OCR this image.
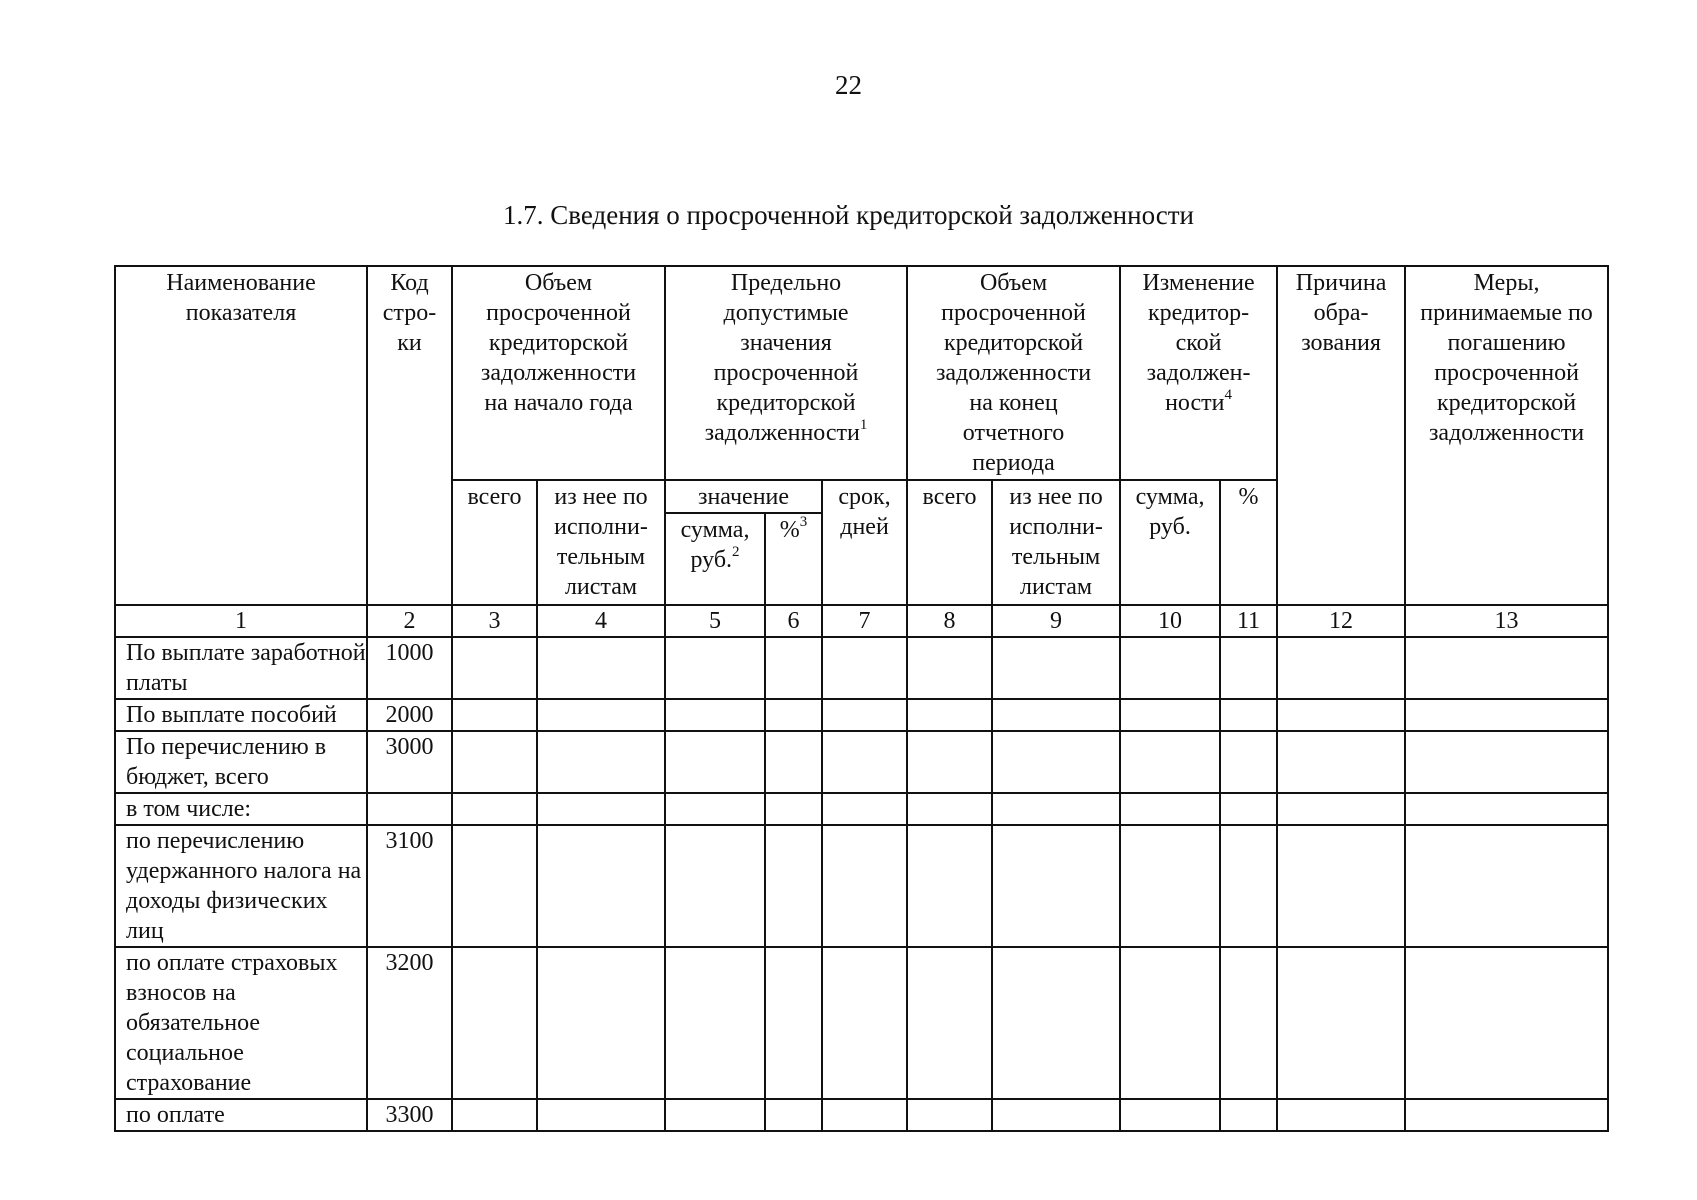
22
1.7. Сведения о просроченной кредиторской задолженности
Наименование показателя	Код стро-ки	Объем просроченной кредиторской задолженности на начало года		Предельно допустимые значения просроченной кредиторской задолженности$^1$			Объем просроченной кредиторской задолженности на конец отчетного периода		Изменение кредитор-ской задолжен-ности$^4$		Причина обра-зования	Меры, принимаемые по погашению просроченной кредиторской задолженности
		всего	из нее по исполни-тельным листам	значение		срок, дней	всего	из нее по исполни-тельным листам	сумма, руб.	%		
				сумма, руб.$^2$	%$^3$
1	2	3	4	5	6	7	8	9	10	11	12	13
По выплате заработной платы	1000											
По выплате пособий	2000											
По перечислению в бюджет, всего	3000											
в том числе:												
по перечислению удержанного налога на доходы физических лиц	3100											
по оплате страховых взносов на обязательное социальное страхование	3200											
по оплате	3300											
